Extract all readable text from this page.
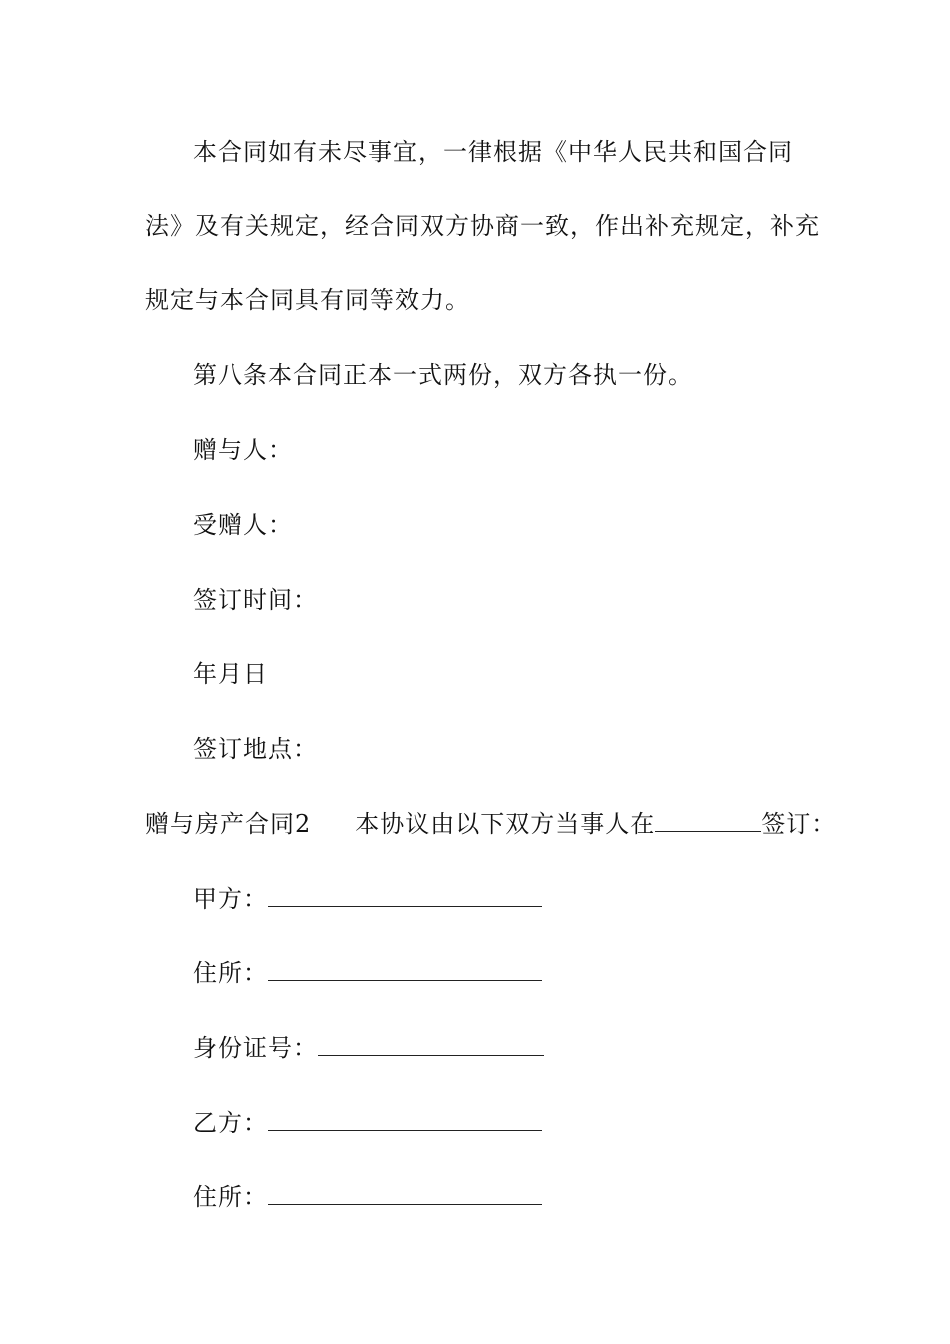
本合同如有未尽事宜，一律根据《中华人民共和国合同
法》及有关规定，经合同双方协商一致，作出补充规定，补充
规定与本合同具有同等效力。
第八条本合同正本一式两份，双方各执一份。
赠与人：
受赠人：
签订时间：
年月日
签订地点：
赠与房产合同2 本协议由以下双方当事人在	签订：
甲方：
住所：
身份证号：
乙方：
住所：
